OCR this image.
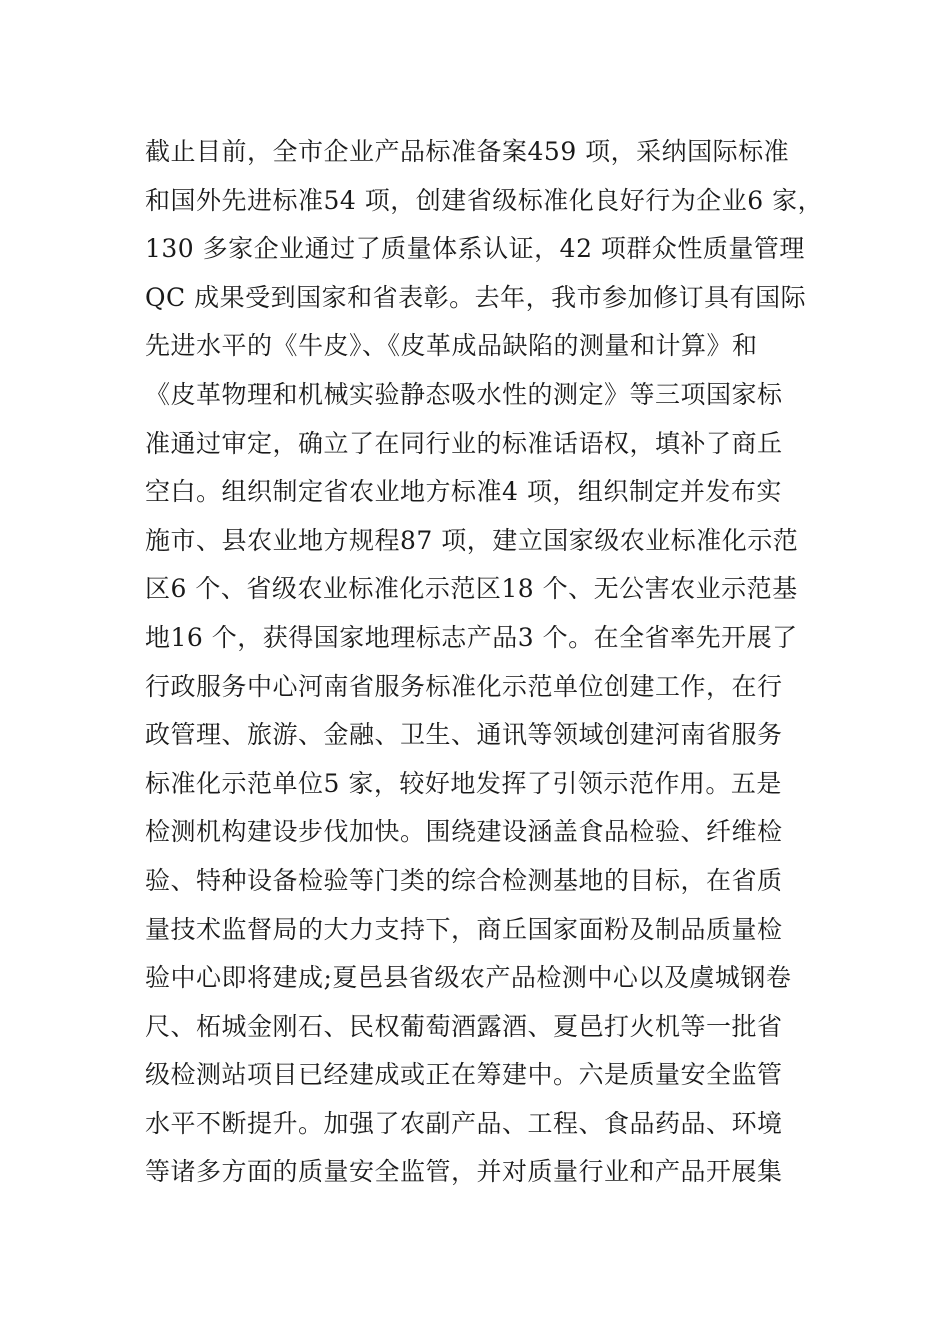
截止目前，全市企业产品标准备案459 项，采纳国际标准
和国外先进标准54 项，创建省级标准化良好行为企业6 家，
130 多家企业通过了质量体系认证，42 项群众性质量管理
QC 成果受到国家和省表彰。去年，我市参加修订具有国际
先进水平的《牛皮》、《皮革成品缺陷的测量和计算》和
《皮革物理和机械实验静态吸水性的测定》等三项国家标
准通过审定，确立了在同行业的标准话语权，填补了商丘
空白。组织制定省农业地方标准4 项，组织制定并发布实
施市、县农业地方规程87 项，建立国家级农业标准化示范
区6 个、省级农业标准化示范区18 个、无公害农业示范基
地16 个，获得国家地理标志产品3 个。在全省率先开展了
行政服务中心河南省服务标准化示范单位创建工作，在行
政管理、旅游、金融、卫生、通讯等领域创建河南省服务
标准化示范单位5 家，较好地发挥了引领示范作用。五是
检测机构建设步伐加快。围绕建设涵盖食品检验、纤维检
验、特种设备检验等门类的综合检测基地的目标，在省质
量技术监督局的大力支持下，商丘国家面粉及制品质量检
验中心即将建成;夏邑县省级农产品检测中心以及虞城钢卷
尺、柘城金刚石、民权葡萄酒露酒、夏邑打火机等一批省
级检测站项目已经建成或正在筹建中。六是质量安全监管
水平不断提升。加强了农副产品、工程、食品药品、环境
等诸多方面的质量安全监管，并对质量行业和产品开展集
